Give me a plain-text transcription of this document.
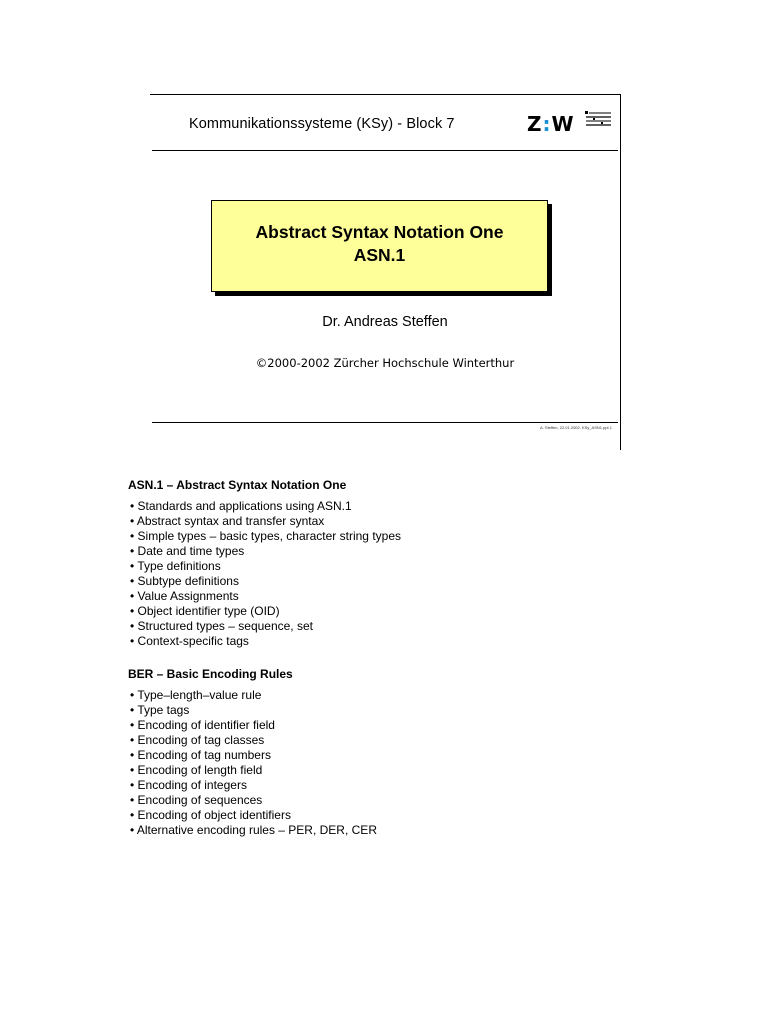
Kommunikationssysteme (KSy) - Block 7	Z:W
Abstract Syntax Notation One
ASN.1
Dr. Andreas Steffen
©2000-2002 Zürcher Hochschule Winterthur
A. Steffen, 22.01.2002, KSy_ASN1.ppt 1
ASN.1 – Abstract Syntax Notation One
• Standards and applications using ASN.1
• Abstract syntax and transfer syntax
• Simple types – basic types, character string types
• Date and time types
• Type definitions
• Subtype definitions
• Value Assignments
• Object identifier type (OID)
• Structured types – sequence, set
• Context-specific tags
BER – Basic Encoding Rules
• Type–length–value rule
• Type tags
• Encoding of identifier field
• Encoding of tag classes
• Encoding of tag numbers
• Encoding of length field
• Encoding of integers
• Encoding of sequences
• Encoding of object identifiers
• Alternative encoding rules – PER, DER, CER
